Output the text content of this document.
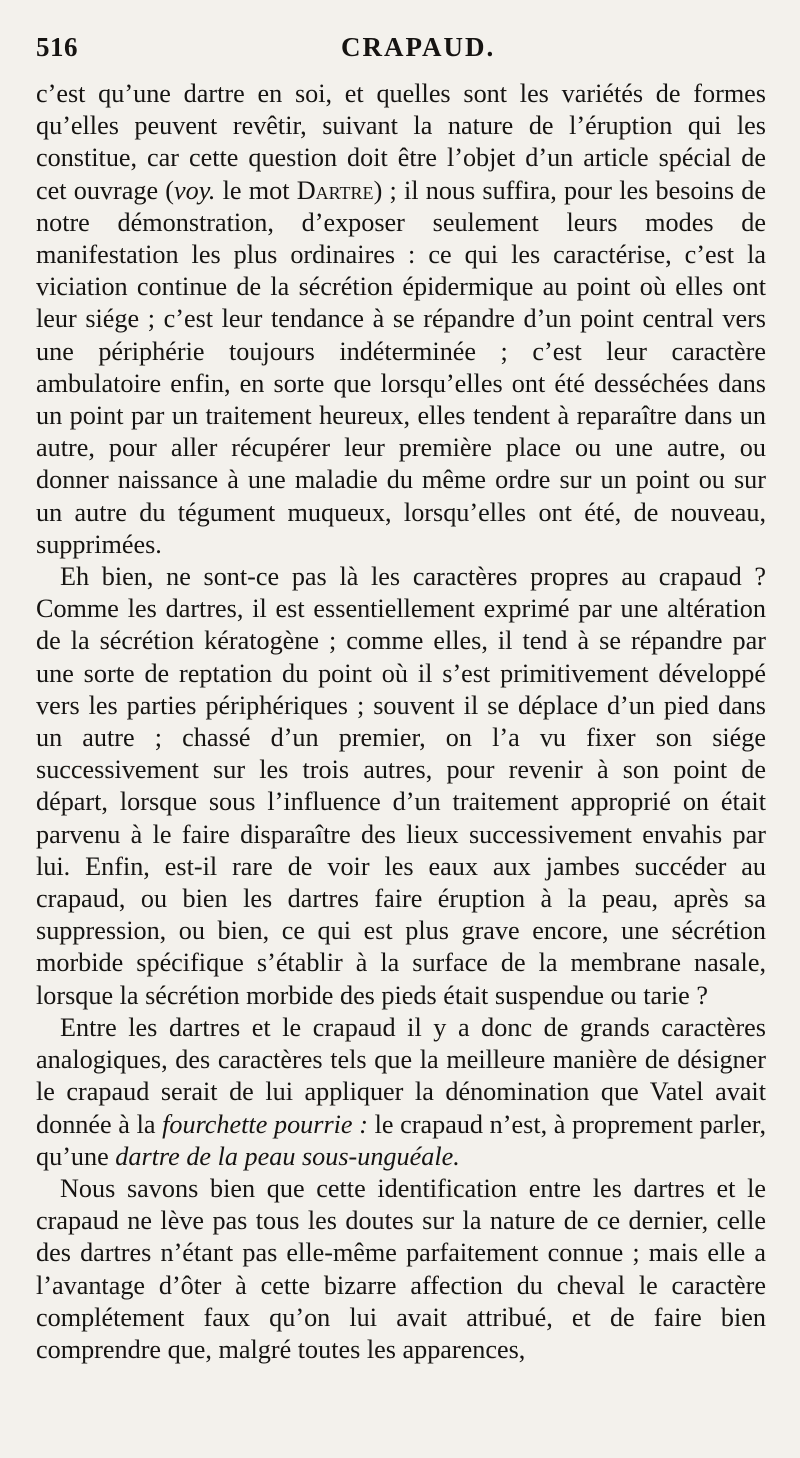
516	CRAPAUD.

c’est qu’une dartre en soi, et quelles sont les variétés de formes qu’elles peuvent revêtir, suivant la nature de l’éruption qui les constitue, car cette question doit être l’objet d’un article spécial de cet ouvrage (voy. le mot Dartre) ; il nous suffira, pour les besoins de notre démonstration, d’exposer seulement leurs modes de manifestation les plus ordinaires : ce qui les caractérise, c’est la viciation continue de la sécrétion épidermique au point où elles ont leur siége ; c’est leur tendance à se répandre d’un point central vers une périphérie toujours indéterminée ; c’est leur caractère ambulatoire enfin, en sorte que lorsqu’elles ont été desséchées dans un point par un traitement heureux, elles tendent à reparaître dans un autre, pour aller récupérer leur première place ou une autre, ou donner naissance à une maladie du même ordre sur un point ou sur un autre du tégument muqueux, lorsqu’elles ont été, de nouveau, supprimées.

Eh bien, ne sont-ce pas là les caractères propres au crapaud ? Comme les dartres, il est essentiellement exprimé par une altération de la sécrétion kératogène ; comme elles, il tend à se répandre par une sorte de reptation du point où il s’est primitivement développé vers les parties périphériques ; souvent il se déplace d’un pied dans un autre ; chassé d’un premier, on l’a vu fixer son siége successivement sur les trois autres, pour revenir à son point de départ, lorsque sous l’influence d’un traitement approprié on était parvenu à le faire disparaître des lieux successivement envahis par lui. Enfin, est-il rare de voir les eaux aux jambes succéder au crapaud, ou bien les dartres faire éruption à la peau, après sa suppression, ou bien, ce qui est plus grave encore, une sécrétion morbide spécifique s’établir à la surface de la membrane nasale, lorsque la sécrétion morbide des pieds était suspendue ou tarie ?

Entre les dartres et le crapaud il y a donc de grands caractères analogiques, des caractères tels que la meilleure manière de désigner le crapaud serait de lui appliquer la dénomination que Vatel avait donnée à la fourchette pourrie : le crapaud n’est, à proprement parler, qu’une dartre de la peau sous-unguéale.

Nous savons bien que cette identification entre les dartres et le crapaud ne lève pas tous les doutes sur la nature de ce dernier, celle des dartres n’étant pas elle-même parfaitement connue ; mais elle a l’avantage d’ôter à cette bizarre affection du cheval le caractère complétement faux qu’on lui avait attribué, et de faire bien comprendre que, malgré toutes les apparences,
